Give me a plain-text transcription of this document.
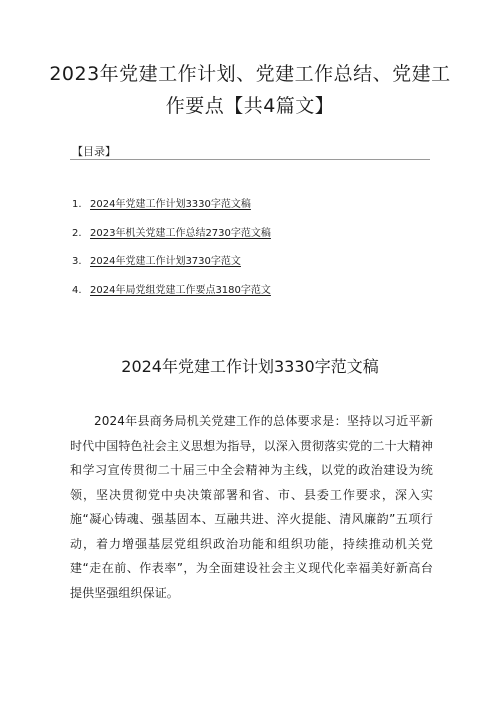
2023年党建工作计划、党建工作总结、党建工作要点【共4篇文】
【目录】
1. 2024年党建工作计划3330字范文稿
2. 2023年机关党建工作总结2730字范文稿
3. 2024年党建工作计划3730字范文
4. 2024年局党组党建工作要点3180字范文
2024年党建工作计划3330字范文稿

2024年县商务局机关党建工作的总体要求是：坚持以习近平新时代中国特色社会主义思想为指导，以深入贯彻落实党的二十大精神和学习宣传贯彻二十届三中全会精神为主线，以党的政治建设为统领，坚决贯彻党中央决策部署和省、市、县委工作要求，深入实施“凝心铸魂、强基固本、互融共进、淬火提能、清风廉韵”五项行动，着力增强基层党组织政治功能和组织功能，持续推动机关党建“走在前、作表率”，为全面建设社会主义现代化幸福美好新高台提供坚强组织保证。
